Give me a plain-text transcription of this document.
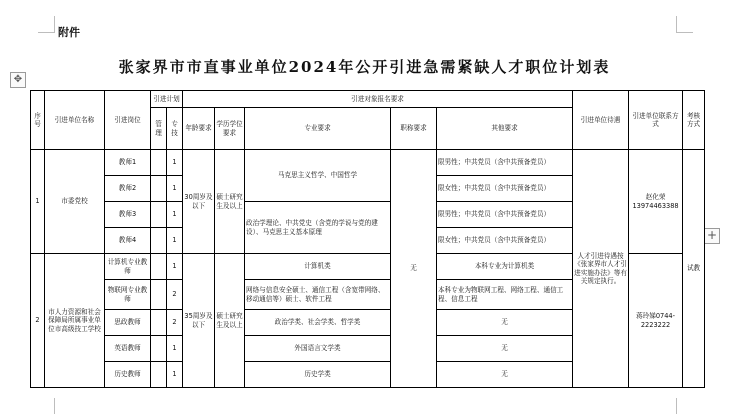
✥
+
附件
张家界市市直事业单位2024年公开引进急需紧缺人才职位计划表
序号	引进单位名称	引进岗位	引进计划		引进对象报名要求					引进单位待遇	引进单位联系方式	考核方式
			管理	专技	年龄要求	学历学位要求	专业要求	职称要求	其他要求			
1	市委党校	教师1		1	30周岁及以下	硕士研究生及以上	马克思主义哲学、中国哲学	无	限男性；中共党员（含中共预备党员）	人才引进待遇按《张家界市人才引进实施办法》等有关规定执行。	赵化荣13974463388	试教
		教师2		1					限女性；中共党员（含中共预备党员）			
		教师3		1			政治学理论、中共党史（含党的学说与党的建设）、马克思主义基本原理		限男性；中共党员（含中共预备党员）			
		教师4		1					限女性；中共党员（含中共预备党员）			
2	市人力资源和社会保障局所属事业单位市高级技工学校	计算机专业教师		1	35周岁及以下	硕士研究生及以上	计算机类		本科专业为计算机类		蒋玲娣0744-2223222	
		物联网专业教师		2			网络与信息安全硕士、通信工程（含宽带网络、移动通信等）硕士、软件工程		本科专业为物联网工程、网络工程、通信工程、信息工程			
		思政教师		2			政治学类、社会学类、哲学类		无			
		英语教师		1			外国语言文学类		无			
		历史教师		1			历史学类		无			
